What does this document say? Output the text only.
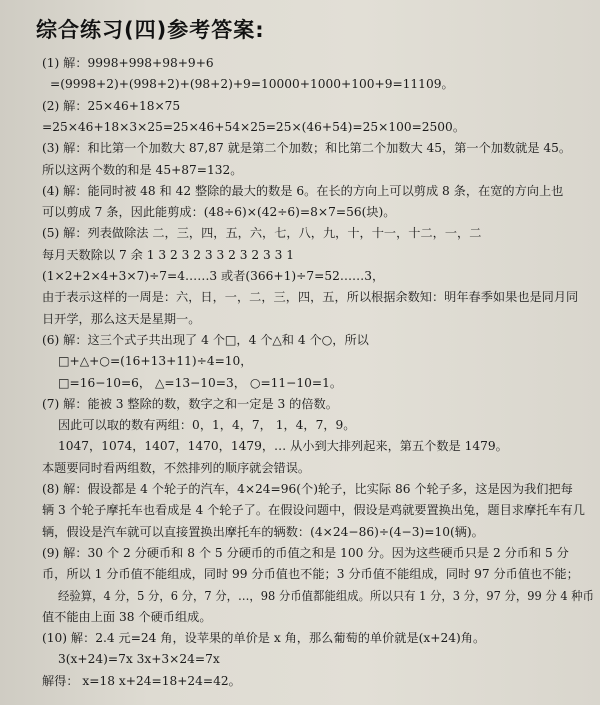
综合练习(四)参考答案:
(1) 解：9998+998+98+9+6
=(9998+2)+(998+2)+(98+2)+9=10000+1000+100+9=11109。
(2) 解：25×46+18×75
=25×46+18×3×25=25×46+54×25=25×(46+54)=25×100=2500。
(3) 解：和比第一个加数大 87,87 就是第二个加数；和比第二个加数大 45，第一个加数就是 45。
所以这两个数的和是 45+87=132。
(4) 解：能同时被 48 和 42 整除的最大的数是 6。在长的方向上可以剪成 8 条，在宽的方向上也
可以剪成 7 条，因此能剪成：(48÷6)×(42÷6)=8×7=56(块)。
(5) 解：列表做除法 二，三，四，五，六，七，八，九，十，十一，十二，一，二
每月天数除以 7 余 1 3 2 3 2 3 3 2 3 2 3 3 1
(1×2+2×4+3×7)÷7=4……3 或者(366+1)÷7=52……3，
由于表示这样的一周是：六，日，一，二，三，四，五，所以根据余数知：明年春季如果也是同月同
日开学，那么这天是星期一。
(6) 解：这三个式子共出现了 4 个□，4 个△和 4 个○，所以
□+△+○=(16+13+11)÷4=10，
□=16−10=6， △=13−10=3， ○=11−10=1。
(7) 解：能被 3 整除的数，数字之和一定是 3 的倍数。
因此可以取的数有两组：0，1，4，7， 1，4，7，9。
1047，1074，1407，1470，1479，… 从小到大排列起来，第五个数是 1479。
本题要同时看两组数，不然排列的顺序就会错误。
(8) 解：假设都是 4 个轮子的汽车，4×24=96(个)轮子，比实际 86 个轮子多，这是因为我们把每
辆 3 个轮子摩托车也看成是 4 个轮子了。在假设问题中，假设是鸡就要置换出兔，题目求摩托车有几
辆，假设是汽车就可以直接置换出摩托车的辆数：(4×24−86)÷(4−3)=10(辆)。
(9) 解：30 个 2 分硬币和 8 个 5 分硬币的币值之和是 100 分。因为这些硬币只是 2 分币和 5 分
币，所以 1 分币值不能组成，同时 99 分币值也不能；3 分币值不能组成，同时 97 分币值也不能；
经验算，4 分，5 分，6 分，7 分，…，98 分币值都能组成。所以只有 1 分，3 分，97 分，99 分 4 种币
值不能由上面 38 个硬币组成。
(10) 解：2.4 元=24 角，设苹果的单价是 x 角，那么葡萄的单价就是(x+24)角。
3(x+24)=7x 3x+3×24=7x
解得： x=18 x+24=18+24=42。
